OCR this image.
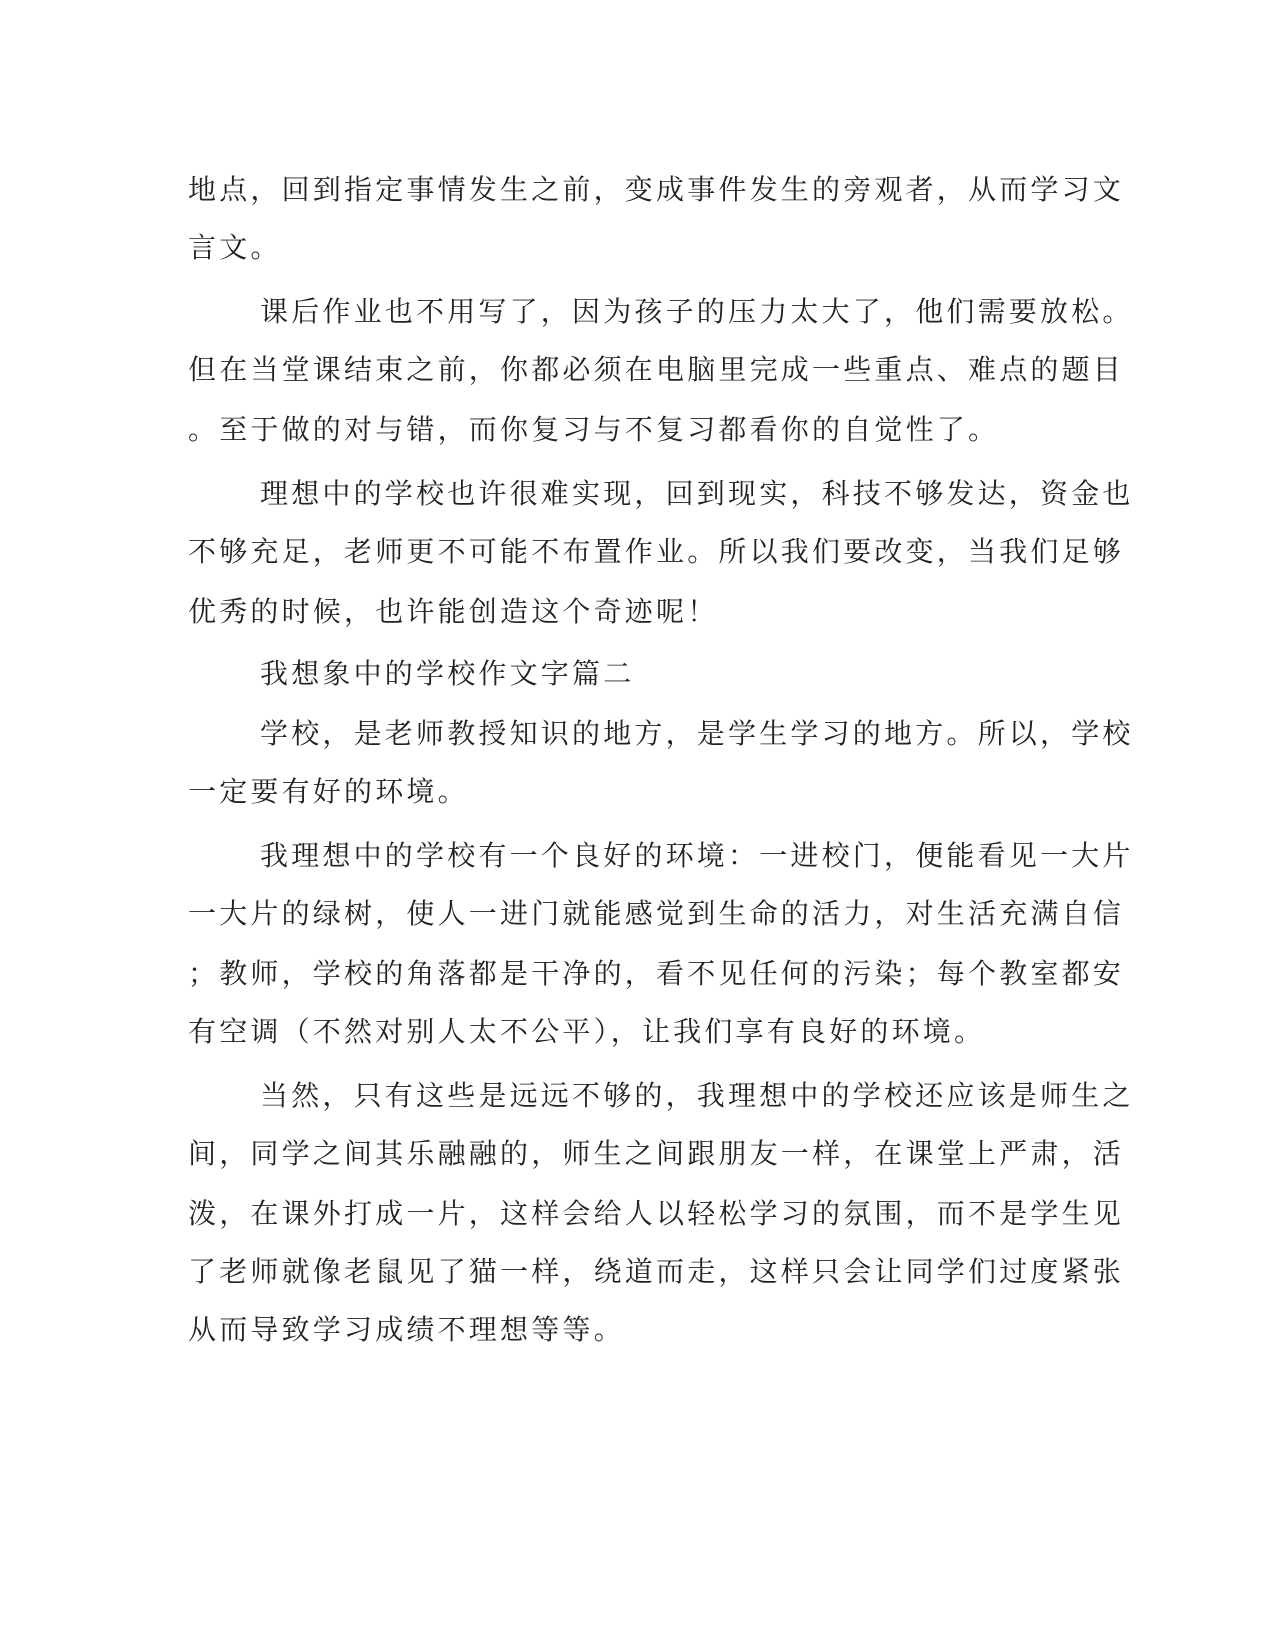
地点，回到指定事情发生之前，变成事件发生的旁观者，从而学习文
言文。
课后作业也不用写了，因为孩子的压力太大了，他们需要放松。
但在当堂课结束之前，你都必须在电脑里完成一些重点、难点的题目
。至于做的对与错，而你复习与不复习都看你的自觉性了。
理想中的学校也许很难实现，回到现实，科技不够发达，资金也
不够充足，老师更不可能不布置作业。所以我们要改变，当我们足够
优秀的时候，也许能创造这个奇迹呢！
我想象中的学校作文字篇二
学校，是老师教授知识的地方，是学生学习的地方。所以，学校
一定要有好的环境。
我理想中的学校有一个良好的环境：一进校门，便能看见一大片
一大片的绿树，使人一进门就能感觉到生命的活力，对生活充满自信
；教师，学校的角落都是干净的，看不见任何的污染；每个教室都安
有空调（不然对别人太不公平），让我们享有良好的环境。
当然，只有这些是远远不够的，我理想中的学校还应该是师生之
间，同学之间其乐融融的，师生之间跟朋友一样，在课堂上严肃，活
泼，在课外打成一片，这样会给人以轻松学习的氛围，而不是学生见
了老师就像老鼠见了猫一样，绕道而走，这样只会让同学们过度紧张
从而导致学习成绩不理想等等。
